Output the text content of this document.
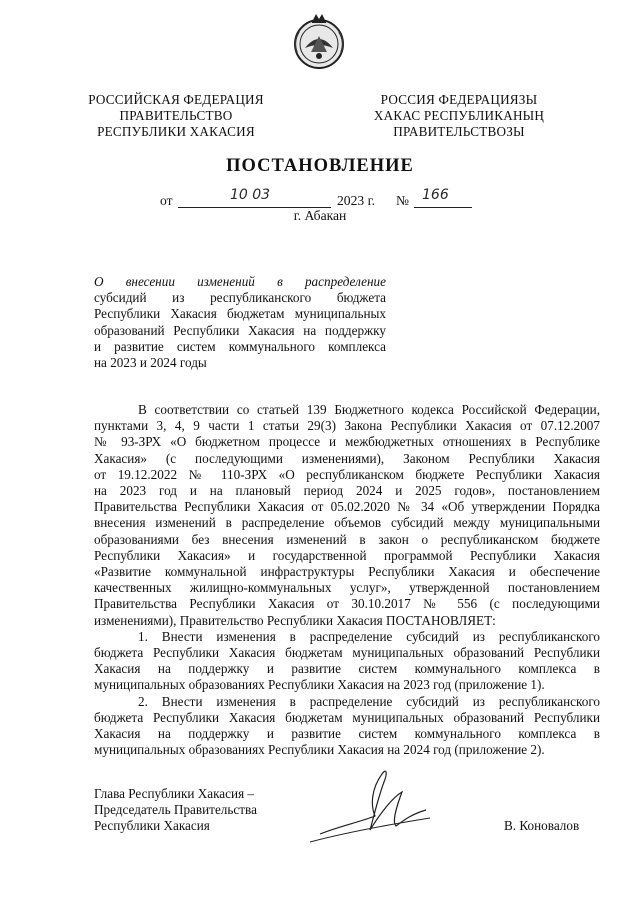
РОССИЙСКАЯ ФЕДЕРАЦИЯ
ПРАВИТЕЛЬСТВО
РЕСПУБЛИКИ ХАКАСИЯ
РОССИЯ ФЕДЕРАЦИЯЗЫ
ХАКАС РЕСПУБЛИКАНЫҢ
ПРАВИТЕЛЬСТВОЗЫ
ПОСТАНОВЛЕНИЕ
от	10 03	2023 г. № 166
г. Абакан
О внесении изменений в распределение
субсидий из республиканского бюджета
Республики Хакасия бюджетам муниципальных
образований Республики Хакасия на поддержку
и развитие систем коммунального комплекса
на 2023 и 2024 годы
В соответствии со статьей 139 Бюджетного кодекса Российской Федерации,
пунктами 3, 4, 9 части 1 статьи 29(3) Закона Республики Хакасия от 07.12.2007
№ 93-ЗРХ «О бюджетном процессе и межбюджетных отношениях в Республике
Хакасия» (с последующими изменениями), Законом Республики Хакасия
от 19.12.2022 № 110-ЗРХ «О республиканском бюджете Республики Хакасия
на 2023 год и на плановый период 2024 и 2025 годов», постановлением
Правительства Республики Хакасия от 05.02.2020 № 34 «Об утверждении Порядка
внесения изменений в распределение объемов субсидий между муниципальными
образованиями без внесения изменений в закон о республиканском бюджете
Республики Хакасия» и государственной программой Республики Хакасия
«Развитие коммунальной инфраструктуры Республики Хакасия и обеспечение
качественных жилищно-коммунальных услуг», утвержденной постановлением
Правительства Республики Хакасия от 30.10.2017 № 556 (с последующими
изменениями), Правительство Республики Хакасия ПОСТАНОВЛЯЕТ:
1. Внести изменения в распределение субсидий из республиканского
бюджета Республики Хакасия бюджетам муниципальных образований Республики
Хакасия на поддержку и развитие систем коммунального комплекса в
муниципальных образованиях Республики Хакасия на 2023 год (приложение 1).
2. Внести изменения в распределение субсидий из республиканского
бюджета Республики Хакасия бюджетам муниципальных образований Республики
Хакасия на поддержку и развитие систем коммунального комплекса в
муниципальных образованиях Республики Хакасия на 2024 год (приложение 2).
Глава Республики Хакасия –
Председатель Правительства
Республики Хакасия	В. Коновалов
